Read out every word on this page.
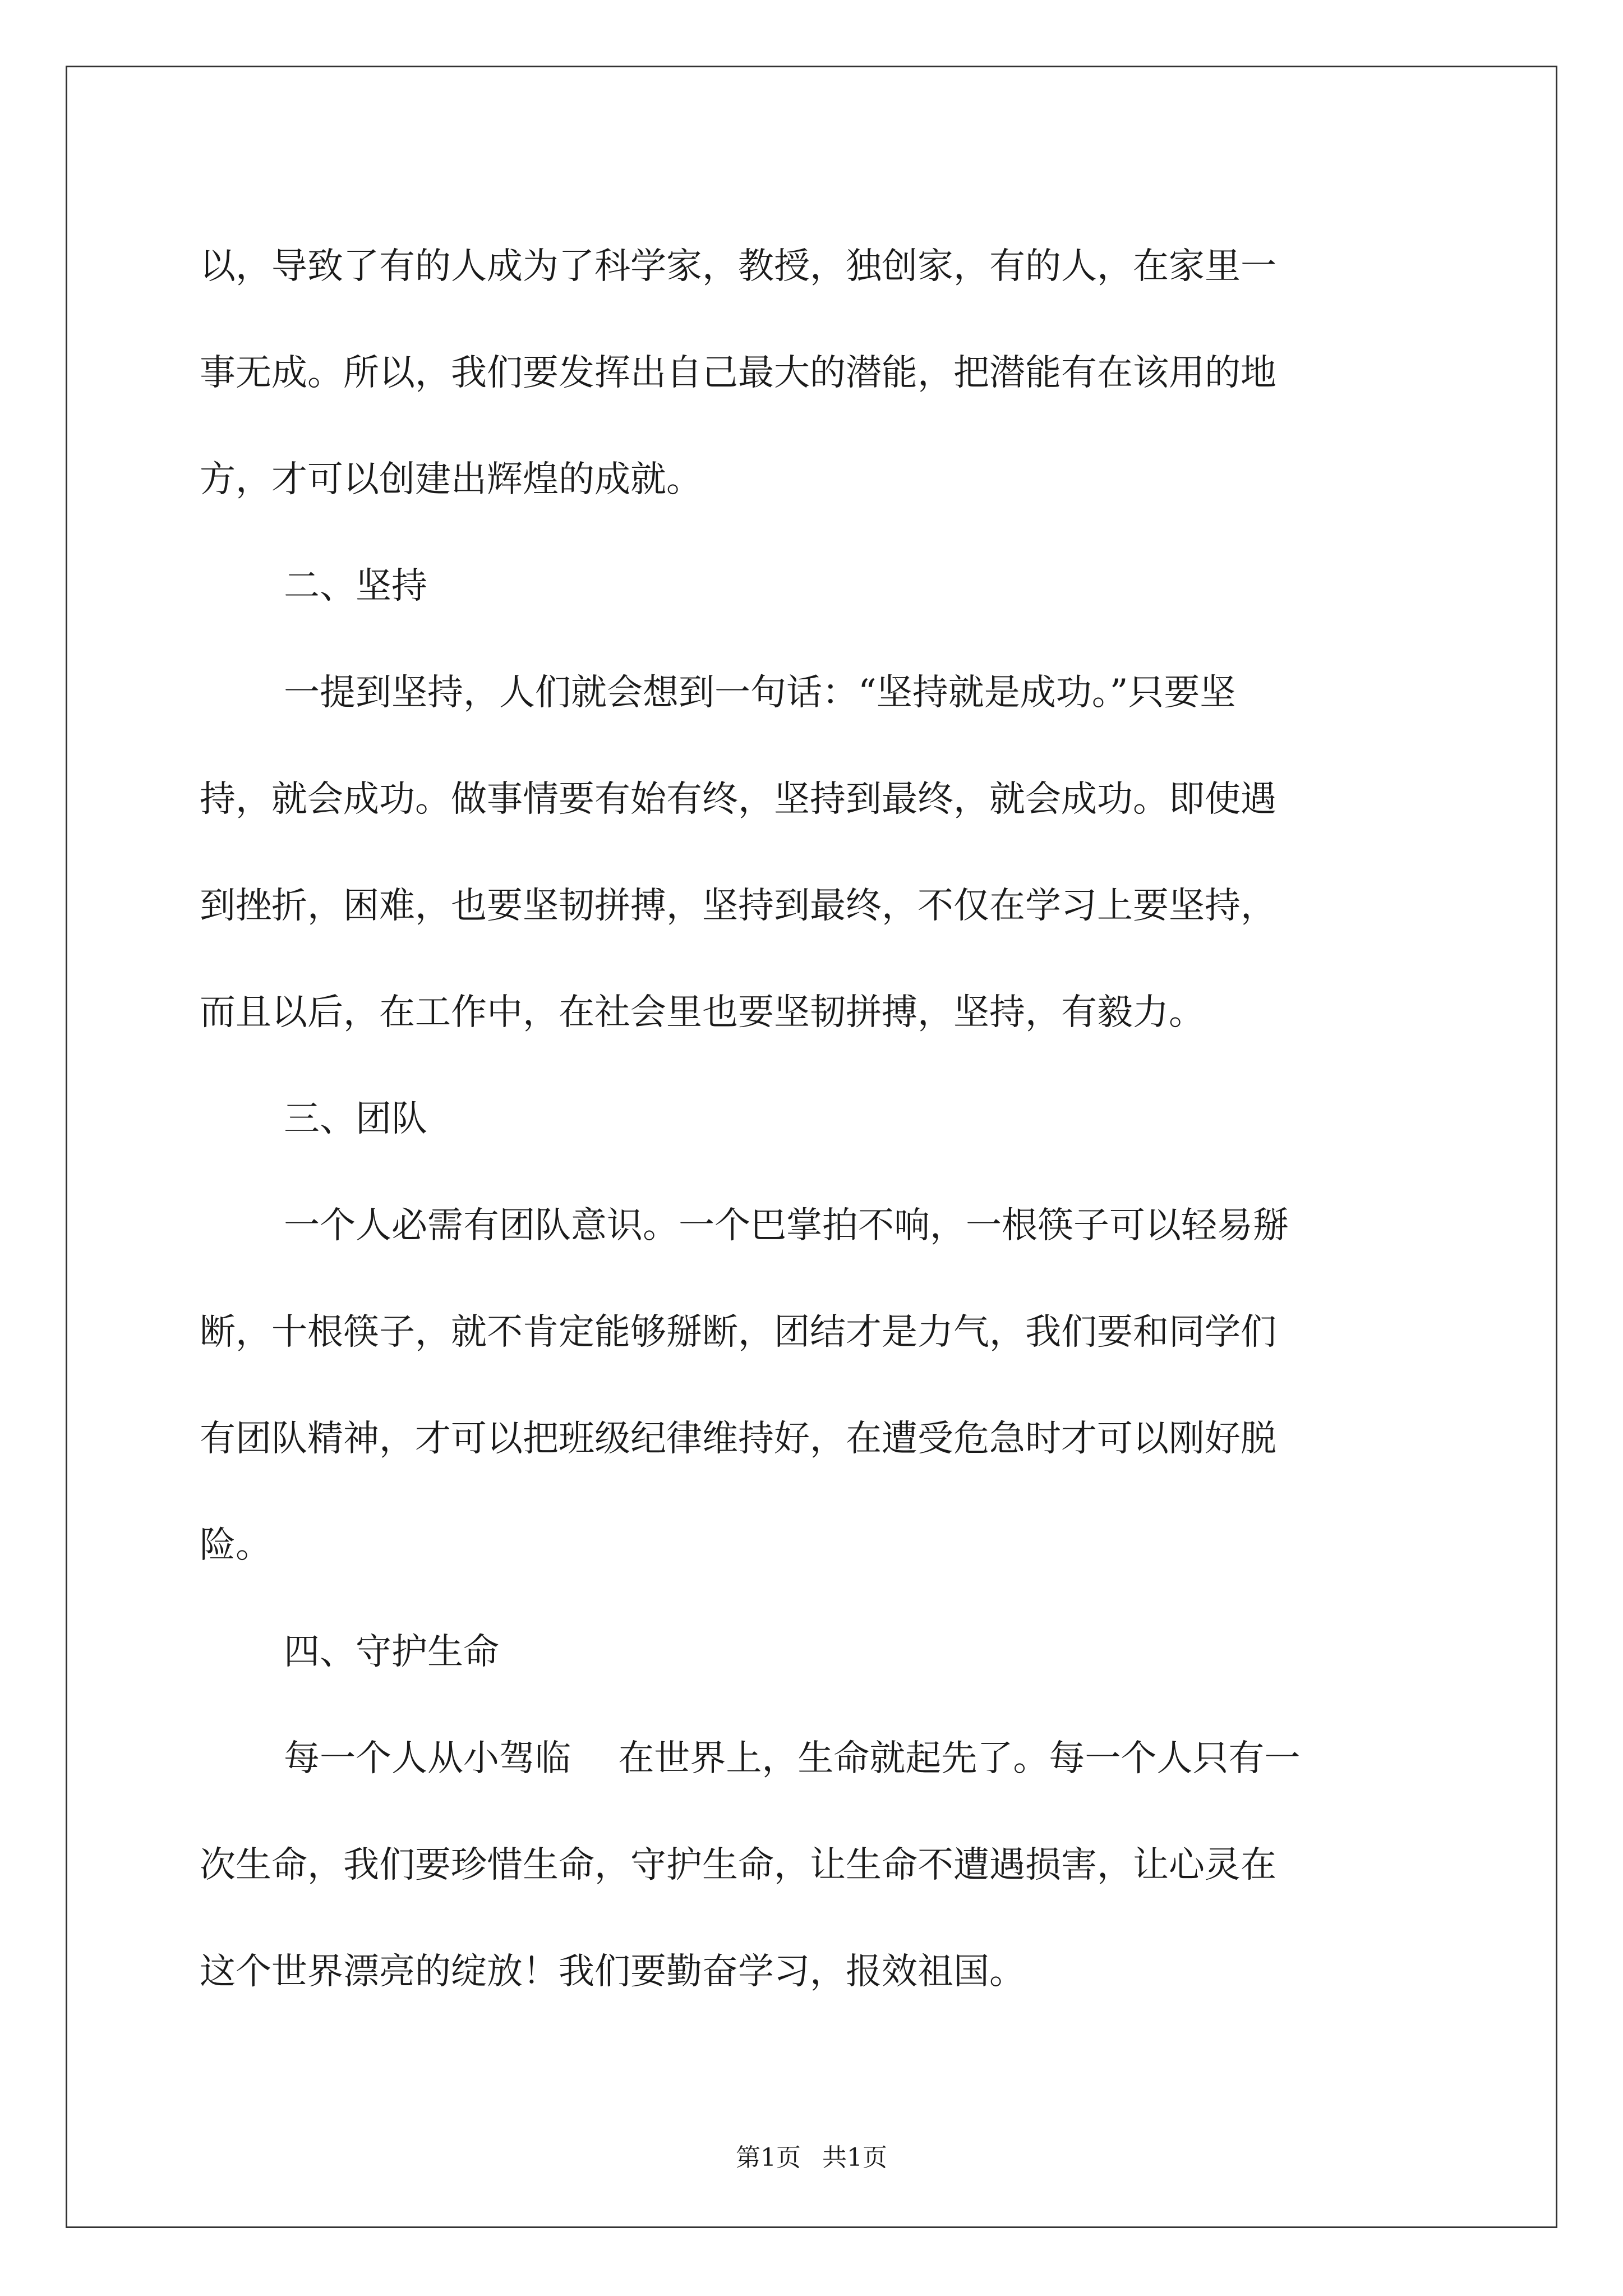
以，导致了有的人成为了科学家，教授，独创家，有的人，在家里一
事无成。所以，我们要发挥出自己最大的潜能，把潜能有在该用的地
方，才可以创建出辉煌的成就。
二、坚持
一提到坚持，人们就会想到一句话：“坚持就是成功。”只要坚
持，就会成功。做事情要有始有终，坚持到最终，就会成功。即使遇
到挫折，困难，也要坚韧拼搏，坚持到最终，不仅在学习上要坚持，
而且以后，在工作中，在社会里也要坚韧拼搏，坚持，有毅力。
三、团队
一个人必需有团队意识。一个巴掌拍不响，一根筷子可以轻易掰
断，十根筷子，就不肯定能够掰断，团结才是力气，我们要和同学们
有团队精神，才可以把班级纪律维持好，在遭受危急时才可以刚好脱
险。
四、守护生命
每一个人从小驾临　 在世界上，生命就起先了。每一个人只有一
次生命，我们要珍惜生命，守护生命，让生命不遭遇损害，让心灵在
这个世界漂亮的绽放！我们要勤奋学习，报效祖国。
第1页 共1页
